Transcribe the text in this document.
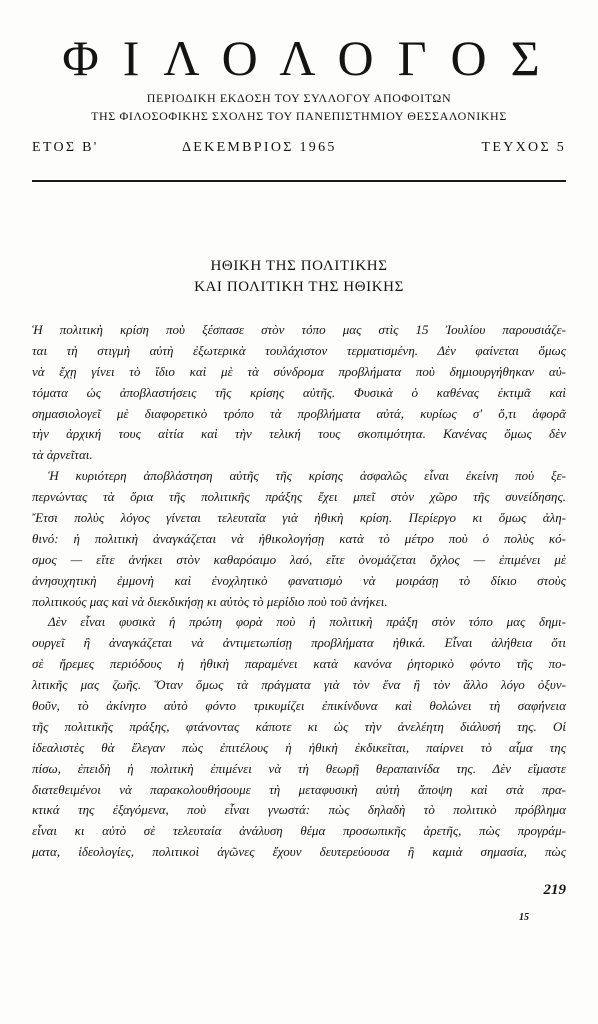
ΦΙΛΟΛΟΓΟΣ
ΠΕΡΙΟΔΙΚΗ ΕΚΔΟΣΗ ΤΟΥ ΣΥΛΛΟΓΟΥ ΑΠΟΦΟΙΤΩΝ
ΤΗΣ ΦΙΛΟΣΟΦΙΚΗΣ ΣΧΟΛΗΣ ΤΟΥ ΠΑΝΕΠΙΣΤΗΜΙΟΥ ΘΕΣΣΑΛΟΝΙΚΗΣ
ΕΤΟΣ Β'	ΔΕΚΕΜΒΡΙΟΣ 1965	ΤΕΥΧΟΣ 5
ΗΘΙΚΗ ΤΗΣ ΠΟΛΙΤΙΚΗΣ
ΚΑΙ ΠΟΛΙΤΙΚΗ ΤΗΣ ΗΘΙΚΗΣ
Ἡ πολιτικὴ κρίση ποὺ ξέσπασε στὸν τόπο μας στὶς 15 Ἰουλίου παρουσιάζε-
ται τὴ στιγμὴ αὐτὴ ἐξωτερικὰ τουλάχιστον τερματισμένη. Δὲν φαίνεται ὅμως
νὰ ἔχῃ γίνει τὸ ἴδιο καὶ μὲ τὰ σύνδρομα προβλήματα ποὺ δημιουργήθηκαν αὐ-
τόματα ὡς ἀποβλαστήσεις τῆς κρίσης αὐτῆς. Φυσικὰ ὁ καθένας ἐκτιμᾶ καὶ
σημασιολογεῖ μὲ διαφορετικὸ τρόπο τὰ προβλήματα αὐτά, κυρίως σ' ὅ,τι ἀφορᾶ
τὴν ἀρχική τους αἰτία καὶ τὴν τελική τους σκοπιμότητα. Κανένας ὅμως δὲν
τὰ ἀρνεῖται.
Ἡ κυριότερη ἀποβλάστηση αὐτῆς τῆς κρίσης ἀσφαλῶς εἶναι ἐκείνη ποὺ ξε-
περνώντας τὰ ὅρια τῆς πολιτικῆς πράξης ἔχει μπεῖ στὸν χῶρο τῆς συνείδησης.
Ἔτσι πολὺς λόγος γίνεται τελευταῖα γιὰ ἠθικὴ κρίση. Περίεργο κι ὅμως ἀλη-
θινό: ἡ πολιτικὴ ἀναγκάζεται νὰ ἠθικολογήσῃ κατὰ τὸ μέτρο ποὺ ὁ πολὺς κό-
σμος — εἴτε ἀνήκει στὸν καθαρόαιμο λαό, εἴτε ὀνομάζεται ὄχλος — ἐπιμένει μὲ
ἀνησυχητικὴ ἐμμονὴ καὶ ἐνοχλητικὸ φανατισμὸ νὰ μοιράσῃ τὸ δίκιο στοὺς
πολιτικούς μας καὶ νὰ διεκδικήσῃ κι αὐτὸς τὸ μερίδιο ποὺ τοῦ ἀνήκει.
Δὲν εἶναι φυσικὰ ἡ πρώτη φορὰ ποὺ ἡ πολιτικὴ πράξη στὸν τόπο μας δημι-
ουργεῖ ἢ ἀναγκάζεται νὰ ἀντιμετωπίσῃ προβλήματα ἠθικά. Εἶναι ἀλήθεια ὅτι
σὲ ἤρεμες περιόδους ἡ ἠθικὴ παραμένει κατὰ κανόνα ῥητορικὸ φόντο τῆς πο-
λιτικῆς μας ζωῆς. Ὅταν ὅμως τὰ πράγματα γιὰ τὸν ἕνα ἢ τὸν ἄλλο λόγο ὀξυν-
θοῦν, τὸ ἀκίνητο αὐτὸ φόντο τρικυμίζει ἐπικίνδυνα καὶ θολώνει τὴ σαφήνεια
τῆς πολιτικῆς πράξης, φτάνοντας κάποτε κι ὡς τὴν ἀνελέητη διάλυσή της. Οἱ
ἰδεαλιστὲς θὰ ἔλεγαν πὼς ἐπιτέλους ἡ ἠθικὴ ἐκδικεῖται, παίρνει τὸ αἷμα της
πίσω, ἐπειδὴ ἡ πολιτικὴ ἐπιμένει νὰ τὴ θεωρῇ θεραπαινίδα της. Δὲν εἴμαστε
διατεθειμένοι νὰ παρακολουθήσουμε τὴ μεταφυσικὴ αὐτὴ ἄποψη καὶ στὰ πρα-
κτικά της ἐξαγόμενα, ποὺ εἶναι γνωστά: πὼς δηλαδὴ τὸ πολιτικὸ πρόβλημα
εἶναι κι αὐτὸ σὲ τελευταία ἀνάλυση θέμα προσωπικῆς ἀρετῆς, πὼς προγράμ-
ματα, ἰδεολογίες, πολιτικοὶ ἀγῶνες ἔχουν δευτερεύουσα ἢ καμιὰ σημασία, πὼς
219
15
